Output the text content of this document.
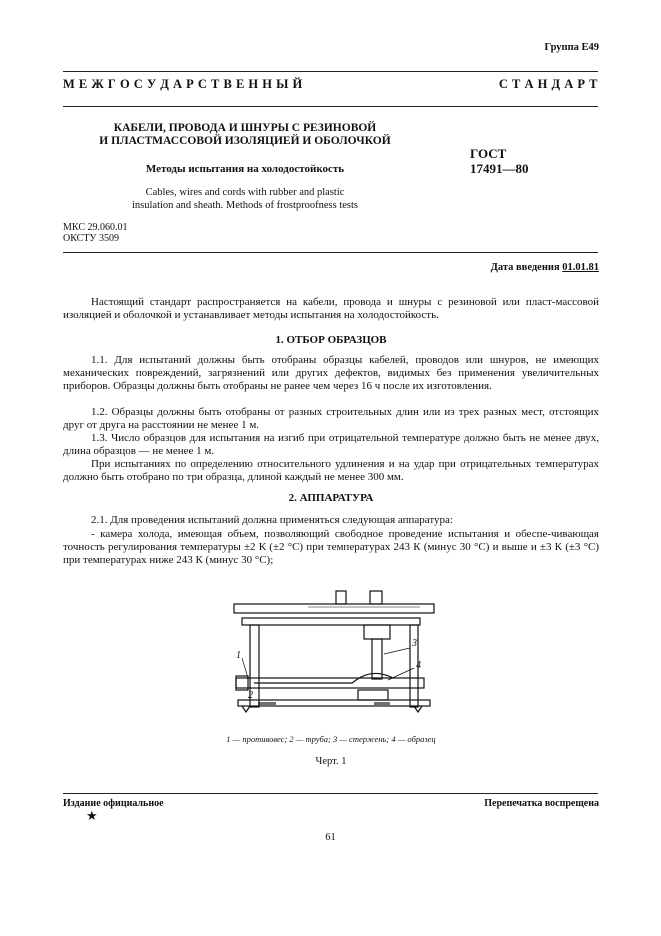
Группа Е49
М Е Ж Г О С У Д А Р С Т В Е Н Н Ы Й	С Т А Н Д А Р Т
КАБЕЛИ, ПРОВОДА И ШНУРЫ С РЕЗИНОВОЙ
И ПЛАСТМАССОВОЙ ИЗОЛЯЦИЕЙ И ОБОЛОЧКОЙ
Методы испытания на холодостойкость
Cables, wires and cords with rubber and plastic
insulation and sheath. Methods of frostproofness tests
ГОСТ
17491—80
МКС 29.060.01
ОКСТУ 3509
Дата введения 01.01.81
Настоящий стандарт распространяется на кабели, провода и шнуры с резиновой или пласт-массовой изоляцией и оболочкой и устанавливает методы испытания на холодостойкость.
1. ОТБОР ОБРАЗЦОВ
1.1. Для испытаний должны быть отобраны образцы кабелей, проводов или шнуров, не имеющих механических повреждений, загрязнений или других дефектов, видимых без применения увеличительных приборов. Образцы должны быть отобраны не ранее чем через 16 ч после их изготовления.
1.2. Образцы должны быть отобраны от разных строительных длин или из трех разных мест, отстоящих друг от друга на расстоянии не менее 1 м.
1.3. Число образцов для испытания на изгиб при отрицательной температуре должно быть не менее двух, длина образцов — не менее 1 м.
При испытаниях по определению относительного удлинения и на удар при отрицательных температурах должно быть отобрано по три образца, длиной каждый не менее 300 мм.
2. АППАРАТУРА
2.1. Для проведения испытаний должна применяться следующая аппаратура:
- камера холода, имеющая объем, позволяющий свободное проведение испытания и обеспе-чивающая точность регулирования температуры ±2 К (±2 °С) при температурах 243 К (минус 30 °С) и выше и ±3 К (±3 °С) при температурах ниже 243 К (минус 30 °С);
1
2
3
4
1 — противовес; 2 — труба; 3 — стержень; 4 — образец
Черт. 1
Издание официальное	Перепечатка воспрещена
★
61
